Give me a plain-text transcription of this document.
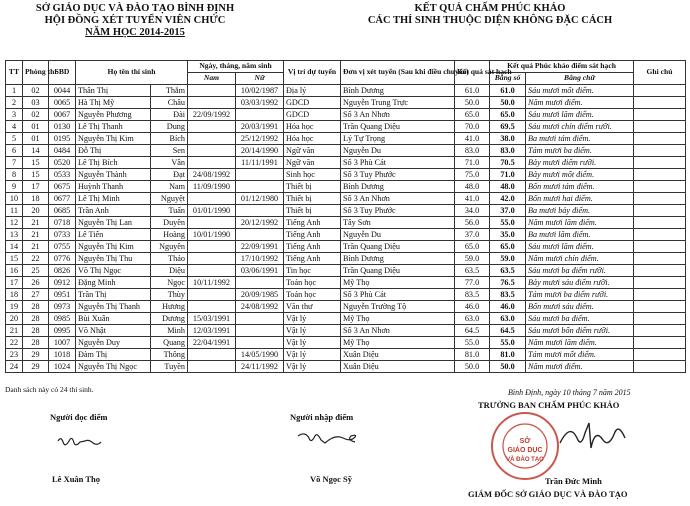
SỞ GIÁO DỤC VÀ ĐÀO TẠO BÌNH ĐỊNH
HỘI ĐỒNG XÉT TUYỂN VIÊN CHỨC
NĂM HỌC 2014-2015
KẾT QUẢ CHẤM PHÚC KHẢO
CÁC THÍ SINH THUỘC DIỆN KHÔNG ĐẶC CÁCH
TT	Phòng thi	SBD	Họ tên thí sinh		Ngày, tháng, năm sinh		Vị trí dự tuyển	Đơn vị xét tuyển (Sau khi điều chuyển)	Kết quả sát hạch	Kết quả Phúc khảo điểm sát hạch		Ghi chú
					Nam	Nữ				Bằng số	Bằng chữ	
1	02	0044	Thân Thị	Thắm		10/02/1987	Địa lý	Bình Dương	61.0	61.0	Sáu mươi mốt điểm.	
2	03	0065	Hà Thị Mỹ	Châu		03/03/1992	GDCD	Nguyễn Trung Trực	50.0	50.0	Năm mươi điểm.	
3	02	0067	Nguyễn Phương	Đài	22/09/1992		GDCD	Số 3 An Nhơn	65.0	65.0	Sáu mươi lăm điểm.	
4	01	0130	Lê Thị Thanh	Dung		20/03/1991	Hóa học	Trần Quang Diệu	70.0	69.5	Sáu mươi chín điểm rưỡi.	
5	01	0195	Nguyễn Thị Kim	Bích		25/12/1992	Hóa học	Lý Tự Trọng	41.0	38.0	Ba mươi tám điểm.	
6	14	0484	Đỗ Thị	Sen		20/14/1990	Ngữ văn	Nguyễn Du	83.0	83.0	Tám mươi ba điểm.	
7	15	0520	Lê Thị Bích	Vân		11/11/1991	Ngữ văn	Số 3 Phù Cát	71.0	70.5	Bảy mươi điểm rưỡi.	
8	15	0533	Nguyễn Thành	Đạt	24/08/1992		Sinh học	Số 3 Tuy Phước	75.0	71.0	Bảy mươi mốt điểm.	
9	17	0675	Huỳnh Thanh	Nam	11/09/1990		Thiết bị	Bình Dương	48.0	48.0	Bốn mươi tám điểm.	
10	18	0677	Lê Thị Minh	Nguyệt		01/12/1980	Thiết bị	Số 3 An Nhơn	41.0	42.0	Bốn mươi hai điểm.	
11	20	0685	Trần Anh	Tuấn	01/01/1990		Thiết bị	Số 3 Tuy Phước	34.0	37.0	Ba mươi bảy điểm.	
12	21	0718	Nguyễn Thị Lan	Duyên		20/12/1992	Tiếng Anh	Tây Sơn	56.0	55.0	Năm mươi lăm điểm.	
13	21	0733	Lê Tiến	Hoàng	10/01/1990		Tiếng Anh	Nguyễn Du	37.0	35.0	Ba mươi lăm điểm.	
14	21	0755	Nguyễn Thị Kim	Nguyên		22/09/1991	Tiếng Anh	Trần Quang Diệu	65.0	65.0	Sáu mươi lăm điểm.	
15	22	0776	Nguyễn Thị Thu	Thảo		17/10/1992	Tiếng Anh	Bình Dương	59.0	59.0	Năm mươi chín điểm.	
16	25	0826	Võ Thị Ngọc	Diệu		03/06/1991	Tin học	Trần Quang Diệu	63.5	63.5	Sáu mươi ba điểm rưỡi.	
17	26	0912	Đặng Minh	Ngọc	10/11/1992		Toán học	Mỹ Thọ	77.0	76.5	Bảy mươi sáu điểm rưỡi.	
18	27	0951	Trần Thị	Thùy		20/09/1985	Toán học	Số 3 Phù Cát	83.5	83.5	Tám mươi ba điểm rưỡi.	
19	28	0973	Nguyễn Thị Thanh	Hương		24/08/1992	Văn thư	Nguyễn Trường Tộ	46.0	46.0	Bốn mươi sáu điểm.	
20	28	0985	Bùi Xuân	Dương	15/03/1991		Vật lý	Mỹ Thọ	63.0	63.0	Sáu mươi ba điểm.	
21	28	0995	Võ Nhật	Minh	12/03/1991		Vật lý	Số 3 An Nhơn	64.5	64.5	Sáu mươi bốn điểm rưỡi.	
22	28	1007	Nguyễn Duy	Quang	22/04/1991		Vật lý	Mỹ Thọ	55.0	55.0	Năm mươi lăm điểm.	
23	29	1018	Đàm Thị	Thông		14/05/1990	Vật lý	Xuân Diệu	81.0	81.0	Tám mươi mốt điểm.	
24	29	1024	Nguyễn Thị Ngọc	Tuyền		24/11/1992	Vật lý	Xuân Diệu	50.0	50.0	Năm mươi điểm.	
Danh sách này có 24 thí sinh.
Người đọc điểm
Lê Xuân Thọ
Người nhập điểm
Võ Ngọc Sỹ
Bình Định, ngày 10 tháng 7 năm 2015
TRƯỞNG BAN CHẤM PHÚC KHẢO
SỞ
GIÁO DỤC
VÀ ĐÀO TẠO
Trần Đức Minh
GIÁM ĐỐC SỞ GIÁO DỤC VÀ ĐÀO TẠO
